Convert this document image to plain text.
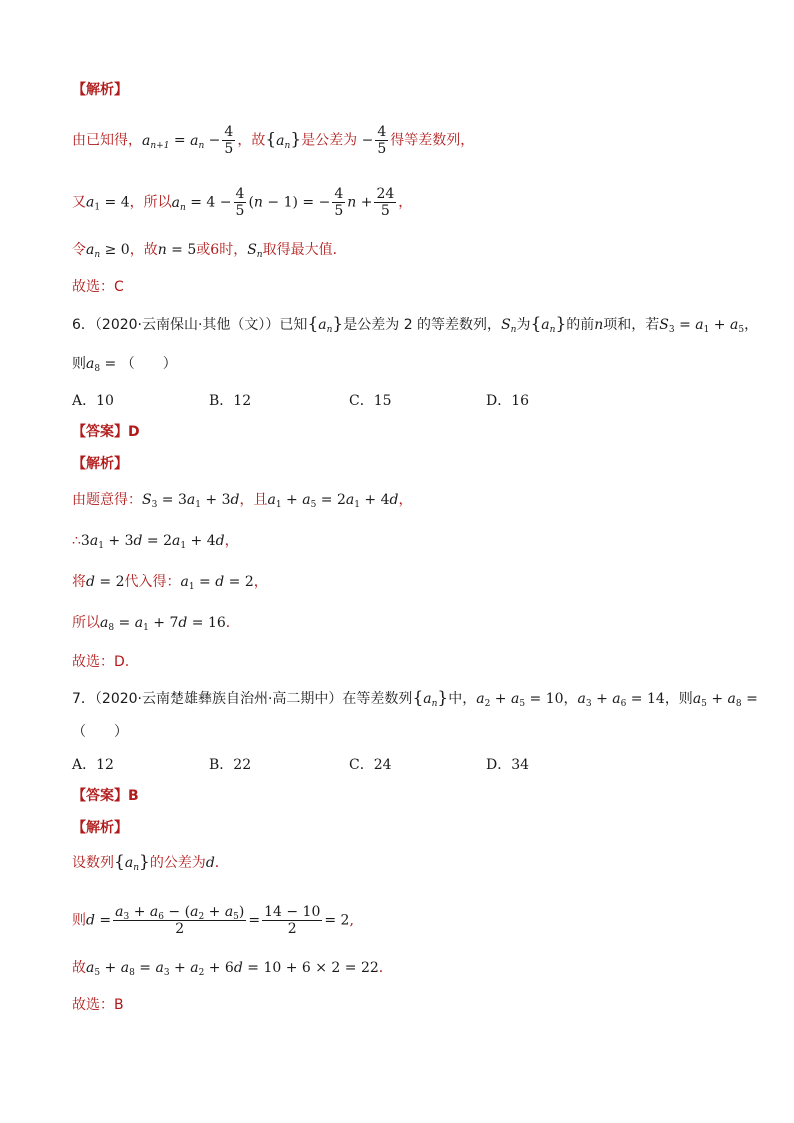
【解析】
由已知得，$a_{n+1} = a_n - \frac{4}{5}$ ，故$\{a_n\}$是公差为 − $\frac{4}{5}$ 得等差数列，
又$a_1 = 4$，所以$a_n = 4 - \frac{4}{5} (n - 1)$ = − $\frac{4}{5}$ $n + \frac{24}{5}$ ，
令$a_n \ge 0$，故n = 5或6时，$S_n$取得最大值．
故选：C
6．（2020·云南保山·其他（文））已知$\{a_n\}$是公差为 2 的等差数列，$S_n$为$\{a_n\}$的前n项和，若$S_3 = a_1 + a_5$，
则$a_8$ = （　　）
A．10	B．12	C．15	D．16
【答案】D
【解析】
由题意得：$S_3 = 3a_1 + 3d$，且$a_1 + a_5 = 2a_1 + 4d$，
$\therefore 3a_1 + 3d = 2a_1 + 4d$，
将d = 2代入得：$a_1 = d = 2$，
所以$a_8 = a_1 + 7d = 16$．
故选：D.
7．（2020·云南楚雄彝族自治州·高二期中）在等差数列$\{a_n\}$中，$a_2 + a_5 = 10$，$a_3 + a_6 = 14$，则$a_5 + a_8$ =
（　　）
A．12	B．22	C．24	D．34
【答案】B
【解析】
设数列$\{a_n\}$的公差为d．
则$d = \frac{a_3 + a_6 - (a_2 + a_5)}{2} = \frac{14 - 10}{2} = 2$,
故$a_5 + a_8 = a_3 + a_2 + 6d = 10 + 6 \times 2 = 22$．
故选：B
